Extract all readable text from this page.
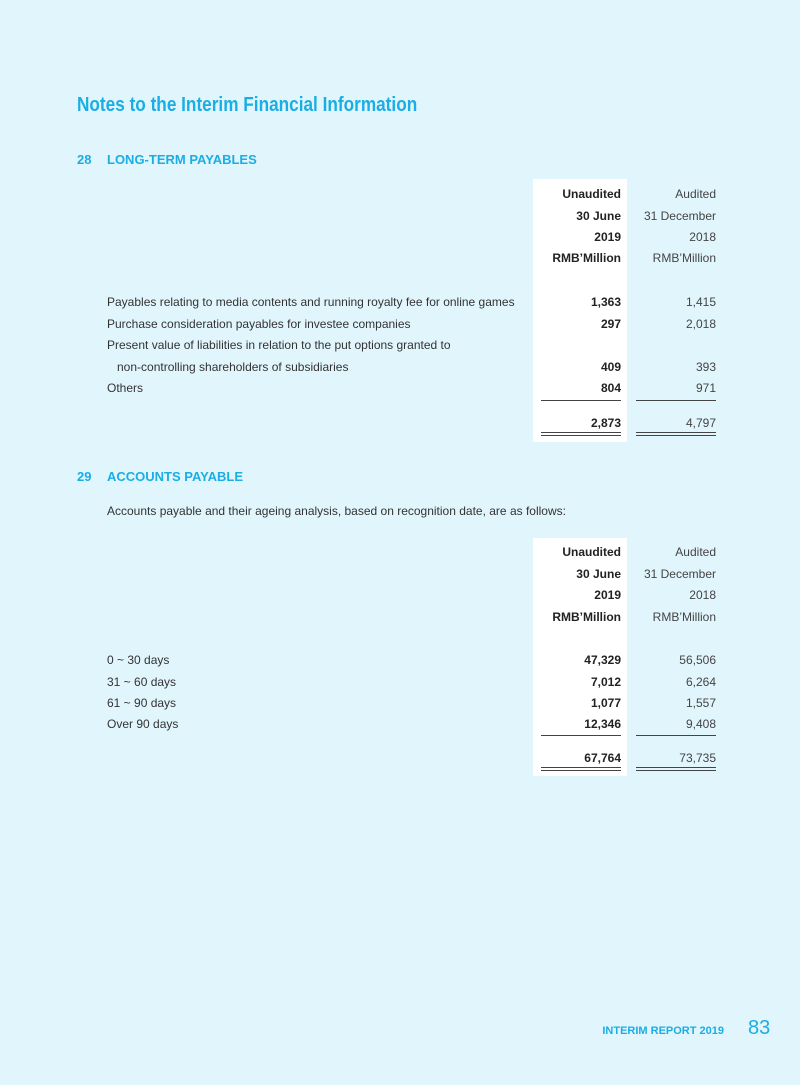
Notes to the Interim Financial Information
28 LONG-TERM PAYABLES
Unaudited	Audited
30 June	31 December
2019	2018
RMB’Million	RMB’Million
Payables relating to media contents and running royalty fee for online games	1,363	1,415
Purchase consideration payables for investee companies	297	2,018
Present value of liabilities in relation to the put options granted to
non-controlling shareholders of subsidiaries	409	393
Others	804	971
2,873	4,797
29 ACCOUNTS PAYABLE
Accounts payable and their ageing analysis, based on recognition date, are as follows:
Unaudited	Audited
30 June	31 December
2019	2018
RMB’Million	RMB’Million
0 ~ 30 days	47,329	56,506
31 ~ 60 days	7,012	6,264
61 ~ 90 days	1,077	1,557
Over 90 days	12,346	9,408
67,764	73,735
INTERIM REPORT 2019 83
